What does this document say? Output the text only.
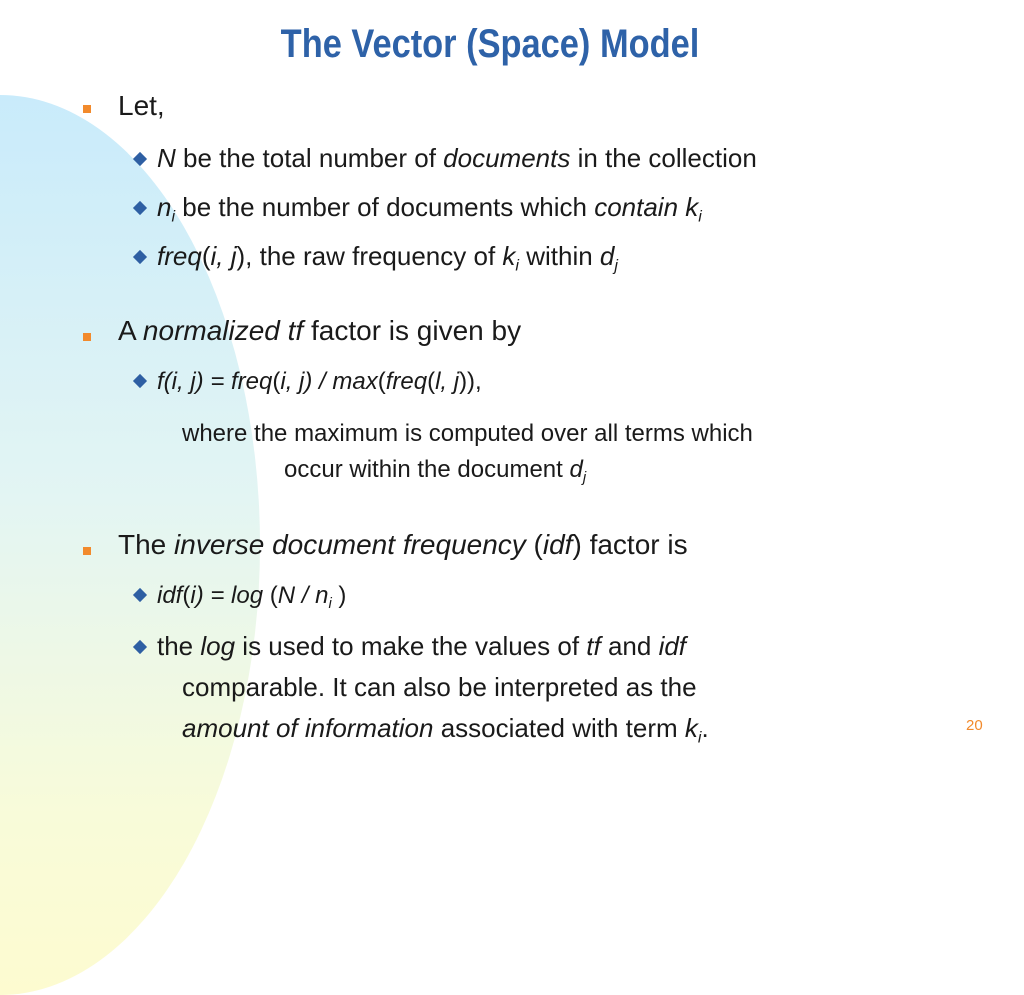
The Vector (Space) Model
Let,
N be the total number of documents in the collection
$n_i$ be the number of documents which contain $k_i$
freq(i, j), the raw frequency of $k_i$ within $d_j$
A normalized tf factor is given by
f(i, j) = freq(i, j) / max(freq(l, j)),
where the maximum is computed over all terms which
occur within the document $d_j$
The inverse document frequency (idf) factor is
$idf(i) = \log (N / n_i$ )
the log is used to make the values of tf and idf
comparable. It can also be interpreted as the
amount of information associated with term $k_i$.	20
